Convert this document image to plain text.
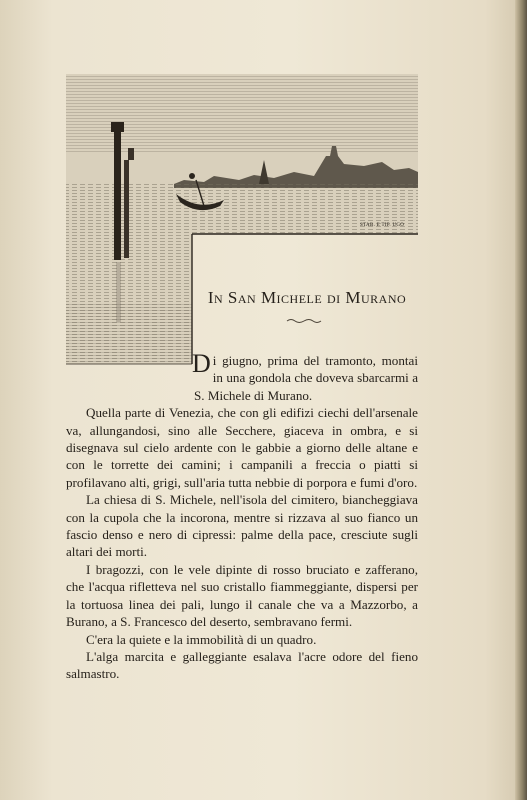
STAB. E TIP. UGO
In San Michele di Murano

Di giugno, prima del tramonto, montai in una gondola che doveva sbarcarmi a S. Michele di Murano.

Quella parte di Venezia, che con gli edifizi ciechi dell'arsenale va, allungandosi, sino alle Secchere, giaceva in ombra, e si disegnava sul cielo ardente con le gabbie a giorno delle altane e con le torrette dei camini; i campanili a freccia o piatti si profilavano alti, grigi, sull'aria tutta nebbie di porpora e fumi d'oro.

La chiesa di S. Michele, nell'isola del cimitero, biancheggiava con la cupola che la incorona, mentre si rizzava al suo fianco un fascio denso e nero di cipressi: palme della pace, cresciute sugli altari dei morti.

I bragozzi, con le vele dipinte di rosso bruciato e zafferano, che l'acqua rifletteva nel suo cristallo fiammeggiante, dispersi per la tortuosa linea dei pali, lungo il canale che va a Mazzorbo, a Burano, a S. Francesco del deserto, sembravano fermi.

C'era la quiete e la immobilità di un quadro.

L'alga marcita e galleggiante esalava l'acre odore del fieno salmastro.
